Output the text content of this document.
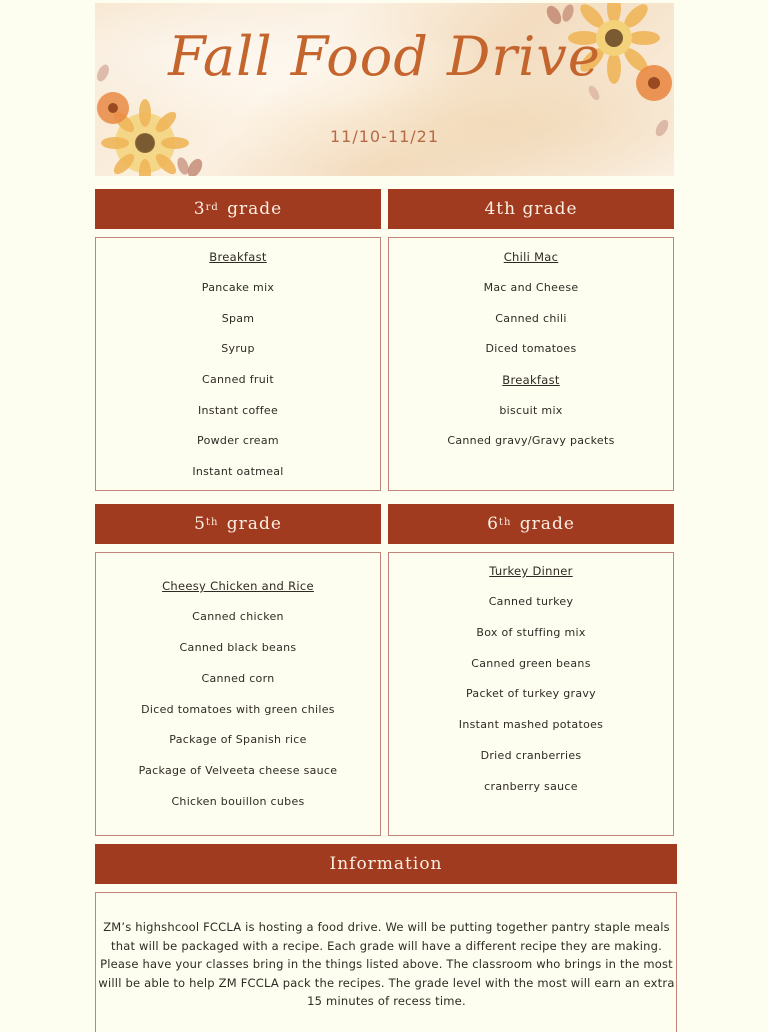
Fall Food Drive
11/10-11/21
3rd
grade
Breakfast
Pancake mix
Spam
Syrup
Canned fruit
Instant coffee
Powder cream
Instant oatmeal
4th grade
Chili Mac
Mac and Cheese
Canned chili
Diced tomatoes
Breakfast
biscuit mix
Canned gravy/Gravy packets
5th
grade
Cheesy Chicken and Rice
Canned chicken
Canned black beans
Canned corn
Diced tomatoes with green chiles
Package of Spanish rice
Package of Velveeta cheese sauce
Chicken bouillon cubes
6th
grade
Turkey Dinner
Canned turkey
Box of stuffing mix
Canned green beans
Packet of turkey gravy
Instant mashed potatoes
Dried cranberries
cranberry sauce
Information
ZM’s highshcool FCCLA is hosting a food drive. We will be putting together pantry staple meals that will be packaged with a recipe. Each grade will have a different recipe they are making. Please have your classes bring in the things listed above. The classroom who brings in the most willl be able to help ZM FCCLA pack the recipes. The grade level with the most will earn an extra 15 minutes of recess time.
